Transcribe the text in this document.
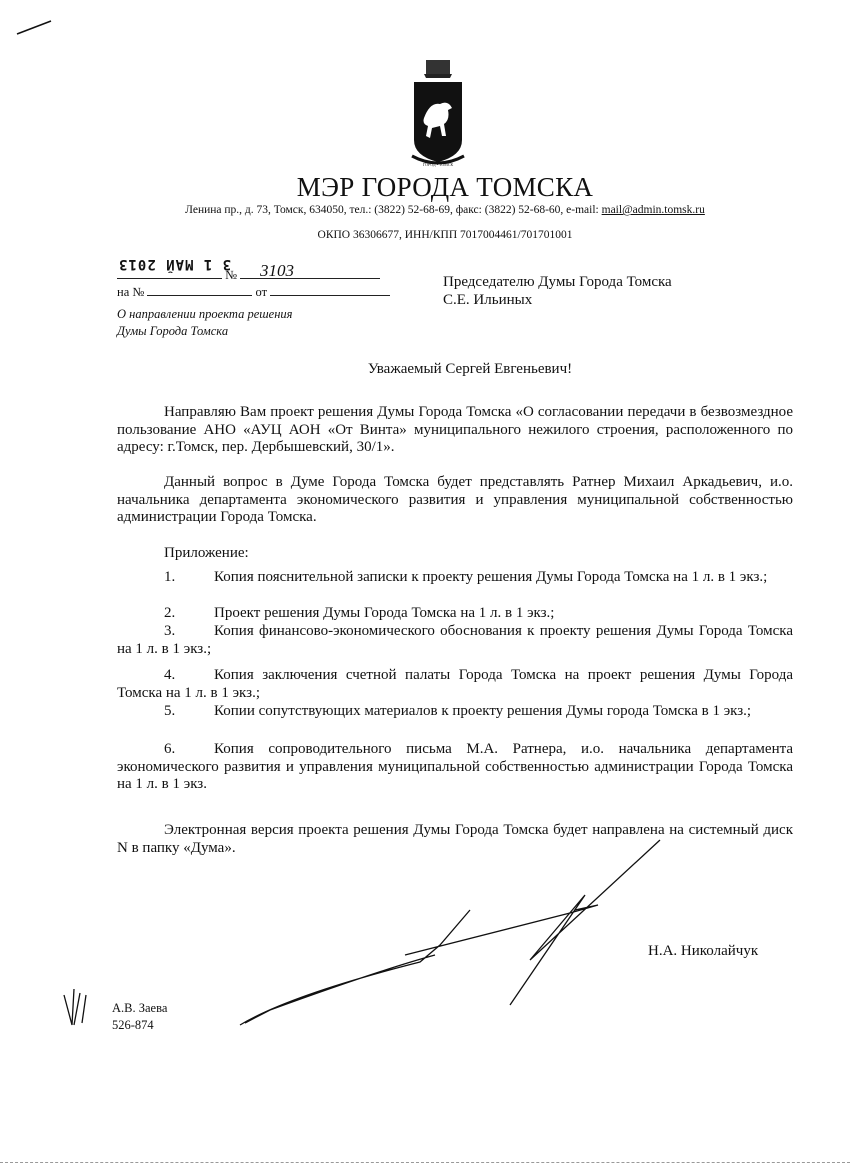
ГОРОД • ТОМСК
МЭР ГОРОДА ТОМСКА
Ленина пр., д. 73, Томск, 634050, тел.: (3822) 52-68-69, факс: (3822) 52-68-60, e-mail: mail@admin.tomsk.ru
ОКПО 36306677, ИНН/КПП 7017004461/701701001
3 1 МАЙ 2013
№	3103
на №	от
О направлении проекта решения
Думы Города Томска
Председателю Думы Города Томска
С.Е. Ильиных
Уважаемый Сергей Евгеньевич!
Направляю Вам проект решения Думы Города Томска «О согласовании передачи в безвозмездное пользование АНО «АУЦ АОН «От Винта» муниципального нежилого строения, расположенного по адресу: г.Томск, пер. Дербышевский, 30/1».
Данный вопрос в Думе Города Томска будет представлять Ратнер Михаил Аркадьевич, и.о. начальника департамента экономического развития и управления муниципальной собственностью администрации Города Томска.
Приложение:
1.	Копия пояснительной записки к проекту решения Думы Города Томска на 1 л. в 1 экз.;
2.	Проект решения Думы Города Томска на 1 л. в 1 экз.;
3.	Копия финансово-экономического обоснования к проекту решения Думы Города Томска на 1 л. в 1 экз.;
4.	Копия заключения счетной палаты Города Томска на проект решения Думы Города Томска на 1 л. в 1 экз.;
5.	Копии сопутствующих материалов к проекту решения Думы города Томска в 1 экз.;
6.	Копия сопроводительного письма М.А. Ратнера, и.о. начальника департамента экономического развития и управления муниципальной собственностью администрации Города Томска на 1 л. в 1 экз.
Электронная версия проекта решения Думы Города Томска будет направлена на системный диск N в папку «Дума».
Н.А. Николайчук
А.В. Заева
526-874
